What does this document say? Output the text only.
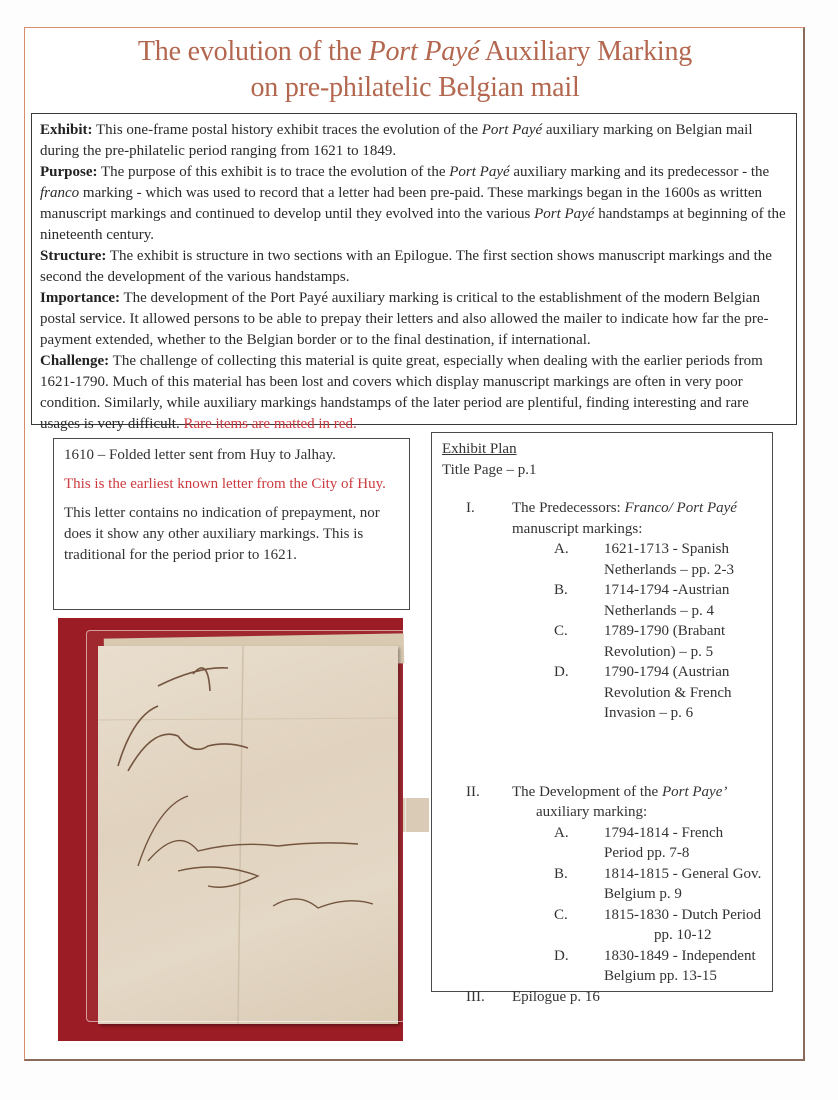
The evolution of the Port Payé Auxiliary Marking
on pre-philatelic Belgian mail

Exhibit: This one-frame postal history exhibit traces the evolution of the Port Payé auxiliary marking on Belgian mail during the pre-philatelic period ranging from 1621 to 1849.

Purpose: The purpose of this exhibit is to trace the evolution of the Port Payé auxiliary marking and its predecessor - the franco marking - which was used to record that a letter had been pre-paid. These markings began in the 1600s as written manuscript markings and continued to develop until they evolved into the various Port Payé handstamps at beginning of the nineteenth century.

Structure: The exhibit is structure in two sections with an Epilogue. The first section shows manuscript markings and the second the development of the various handstamps.

Importance: The development of the Port Payé auxiliary marking is critical to the establishment of the modern Belgian postal service. It allowed persons to be able to prepay their letters and also allowed the mailer to indicate how far the pre-payment extended, whether to the Belgian border or to the final destination, if international.

Challenge: The challenge of collecting this material is quite great, especially when dealing with the earlier periods from 1621-1790. Much of this material has been lost and covers which display manuscript markings are often in very poor condition. Similarly, while auxiliary markings handstamps of the later period are plentiful, finding interesting and rare usages is very difficult. Rare items are matted in red.

1610 – Folded letter sent from Huy to Jalhay.

This is the earliest known letter from the City of Huy.

This letter contains no indication of prepayment, nor does it show any other auxiliary markings. This is traditional for the period prior to 1621.

Exhibit Plan
Title Page – p.1
I.	The Predecessors: Franco/ Port Payé
manuscript markings:
A.	1621-1713 - Spanish Netherlands – pp. 2-3
B.	1714-1794 -Austrian Netherlands – p. 4
C.	1789-1790 (Brabant Revolution) – p. 5
D.	1790-1794 (Austrian Revolution & French Invasion – p. 6
II.	The Development of the Port Paye’
auxiliary marking:
A.	1794-1814 - French Period pp. 7-8
B.	1814-1815 - General Gov. Belgium p. 9
C.	1815-1830 - Dutch Period
pp. 10-12
D.	1830-1849 - Independent Belgium pp. 13-15
III.	Epilogue p. 16
